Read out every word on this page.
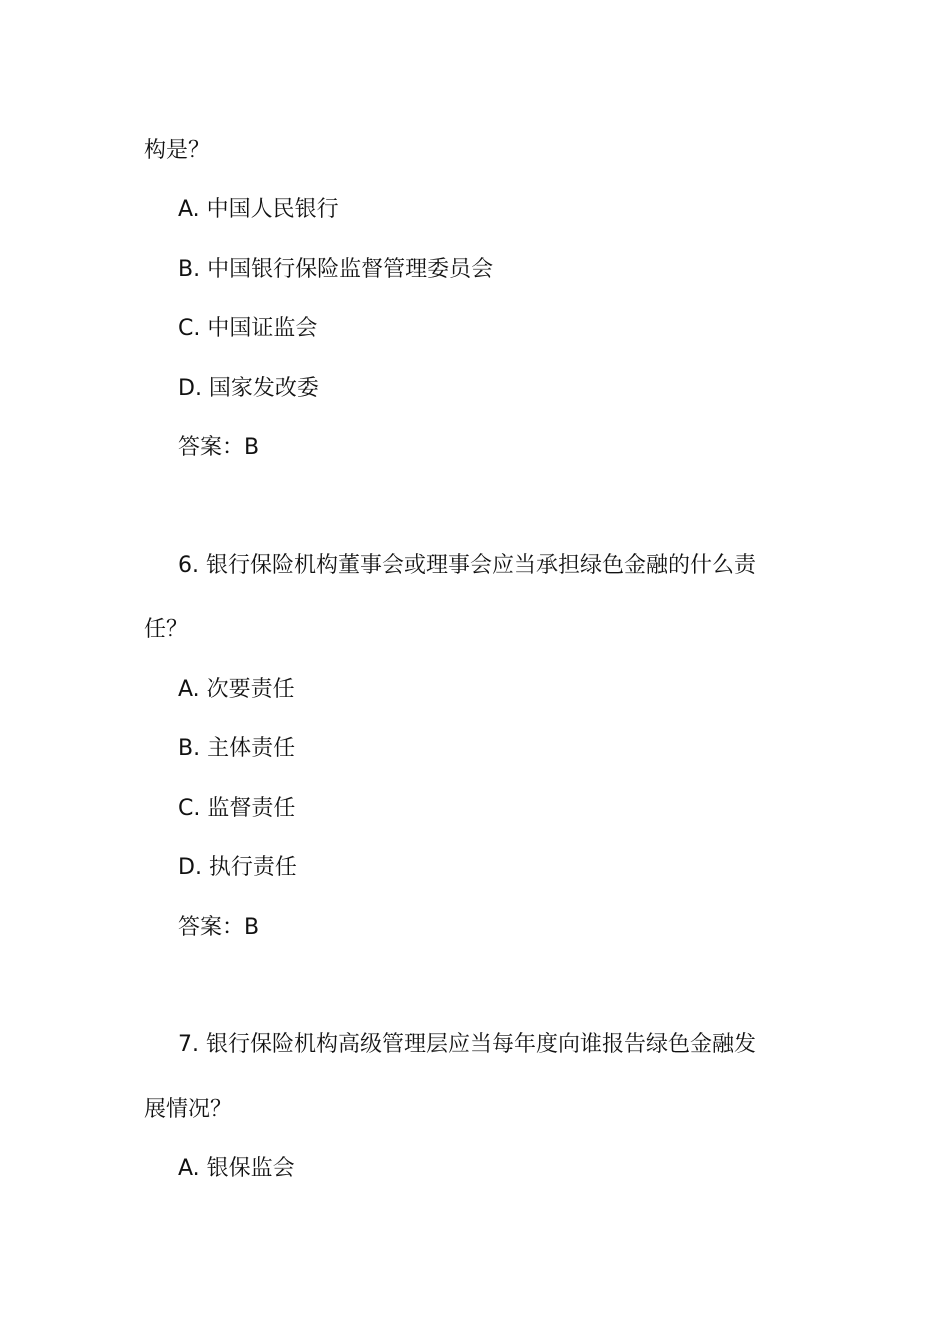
构是？
A. 中国人民银行
B. 中国银行保险监督管理委员会
C. 中国证监会
D. 国家发改委
答案：B
6. 银行保险机构董事会或理事会应当承担绿色金融的什么责
任？
A. 次要责任
B. 主体责任
C. 监督责任
D. 执行责任
答案：B
7. 银行保险机构高级管理层应当每年度向谁报告绿色金融发
展情况？
A. 银保监会
